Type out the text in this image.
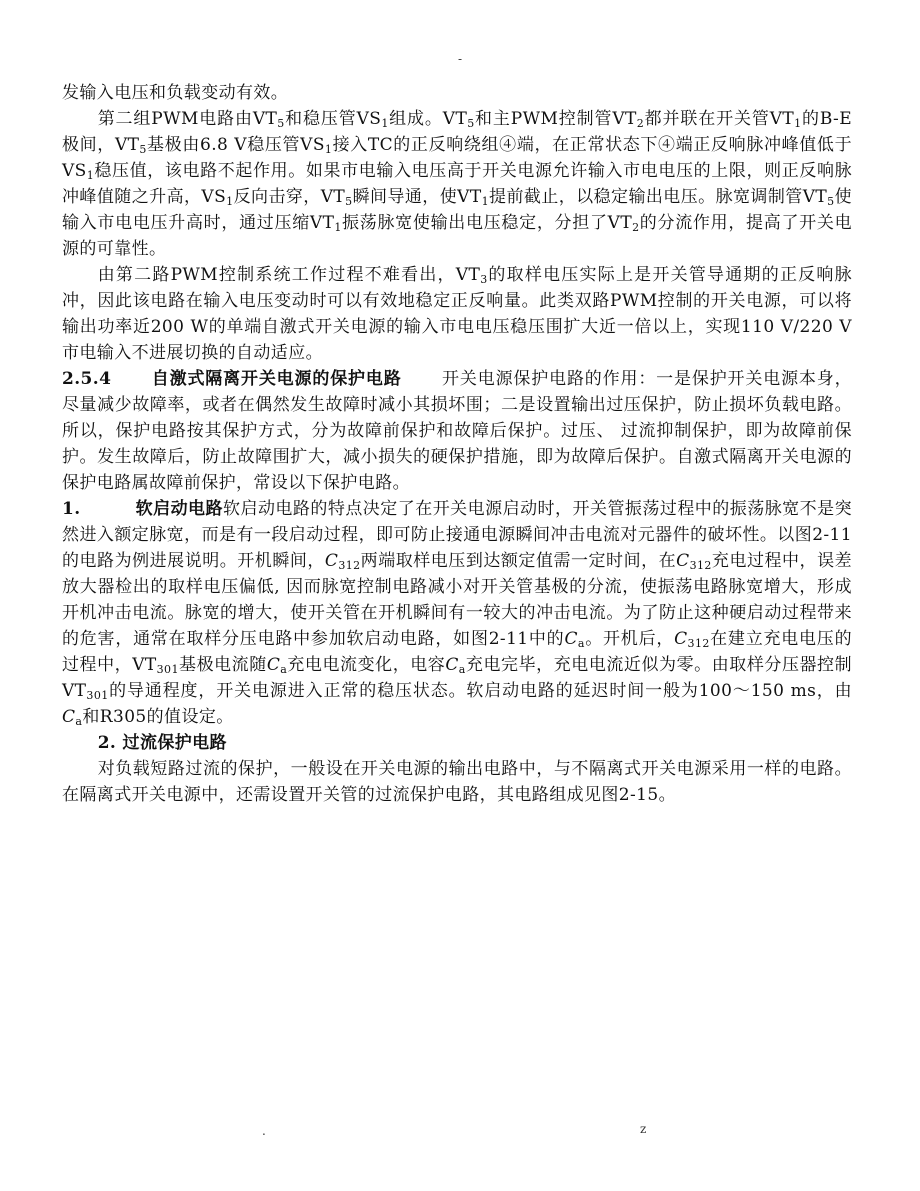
-

发输入电压和负载变动有效。

第二组PWM电路由$VT_5$和稳压管$VS_1$组成。$VT_5$和主PWM控制管$VT_2$都并联在开关管$VT_1$的B-E极间，$VT_5$基极由6.8 V稳压管$VS_1$接入TC的正反响绕组④端，在正常状态下④端正反响脉冲峰值低于$VS_1$稳压值，该电路不起作用。如果市电输入电压高于开关电源允许输入市电电压的上限，则正反响脉冲峰值随之升高，$VS_1$反向击穿，$VT_5$瞬间导通，使$VT_1$提前截止，以稳定输出电压。脉宽调制管$VT_5$使输入市电电压升高时，通过压缩$VT_1$振荡脉宽使输出电压稳定，分担了$VT_2$的分流作用，提高了开关电源的可靠性。

由第二路PWM控制系统工作过程不难看出，$VT_3$的取样电压实际上是开关管导通期的正反响脉冲，因此该电路在输入电压变动时可以有效地稳定正反响量。此类双路PWM控制的开关电源，可以将输出功率近200 W的单端自激式开关电源的输入市电电压稳压围扩大近一倍以上，实现110 V/220 V市电输入不进展切换的自动适应。

2.5.4 自激式隔离开关电源的保护电路 开关电源保护电路的作用：一是保护开关电源本身，尽量减少故障率，或者在偶然发生故障时减小其损坏围；二是设置输出过压保护，防止损坏负载电路。所以，保护电路按其保护方式，分为故障前保护和故障后保护。过压、 过流抑制保护，即为故障前保护。发生故障后，防止故障围扩大，减小损失的硬保护措施，即为故障后保护。自激式隔离开关电源的保护电路属故障前保护，常设以下保护电路。

1.	软启动电路软启动电路的特点决定了在开关电源启动时，开关管振荡过程中的振荡脉宽不是突然进入额定脉宽，而是有一段启动过程，即可防止接通电源瞬间冲击电流对元器件的破坏性。以图2-11的电路为例进展说明。开机瞬间，$C_{312}$两端取样电压到达额定值需一定时间，在$C_{312}$充电过程中，误差放大器检出的取样电压偏低, 因而脉宽控制电路减小对开关管基极的分流，使振荡电路脉宽增大，形成开机冲击电流。脉宽的增大，使开关管在开机瞬间有一较大的冲击电流。为了防止这种硬启动过程带来的危害，通常在取样分压电路中参加软启动电路，如图2-11中的$C_a$。开机后，$C_{312}$在建立充电电压的过程中，$VT_{301}$基极电流随$C_a$充电电流变化，电容$C_a$充电完毕，充电电流近似为零。由取样分压器控制$VT_{301}$的导通程度，开关电源进入正常的稳压状态。软启动电路的延迟时间一般为100～150 ms，由$C_a$和R305的值设定。

2. 过流保护电路

对负载短路过流的保护，一般设在开关电源的输出电路中，与不隔离式开关电源采用一样的电路。在隔离式开关电源中，还需设置开关管的过流保护电路，其电路组成见图2-15。

.	z
